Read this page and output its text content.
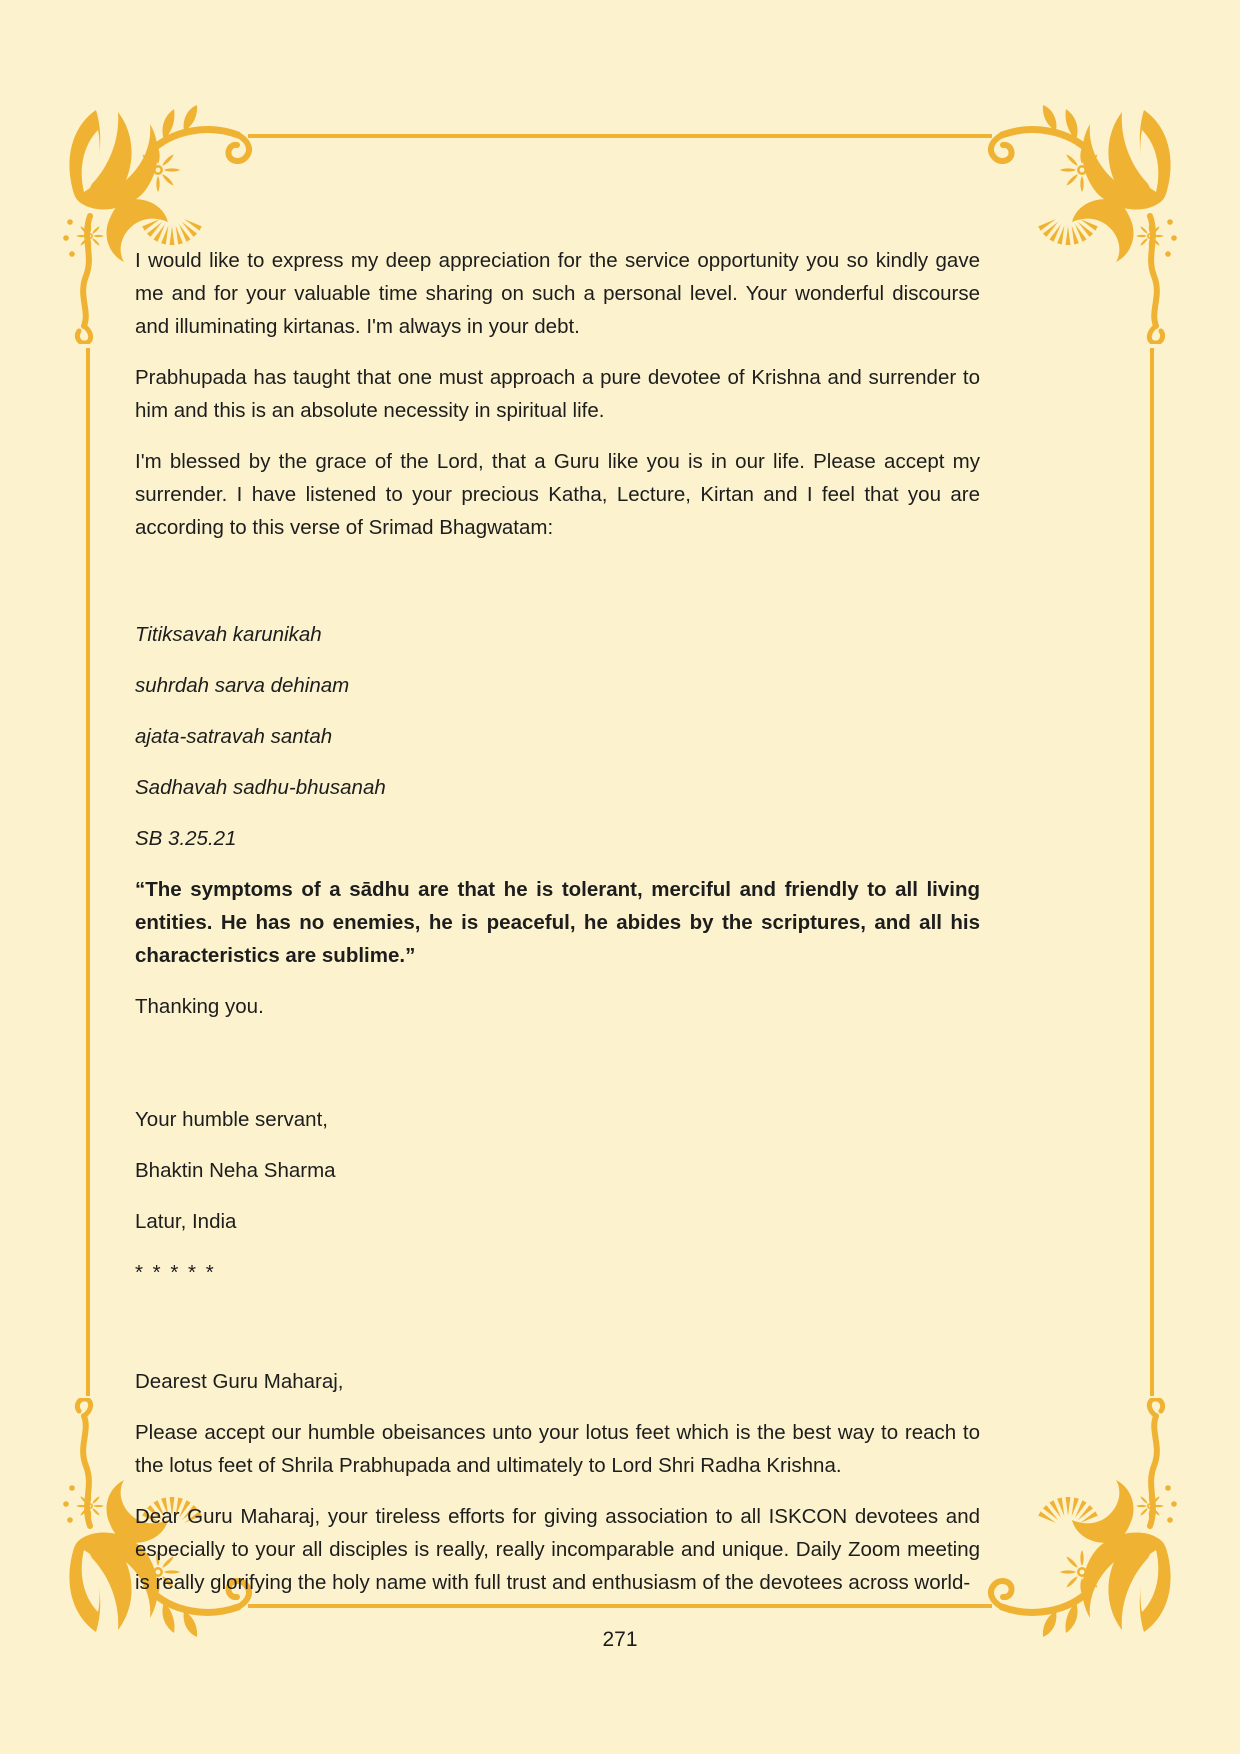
I would like to express my deep appreciation for the service opportunity you so kindly gave me and for your valuable time sharing on such a personal level. Your wonderful discourse and illuminating kirtanas. I'm always in your debt.

Prabhupada has taught that one must approach a pure devotee of Krishna and surrender to him and this is an absolute necessity in spiritual life.

I'm blessed by the grace of the Lord, that a Guru like you is in our life. Please accept my surrender. I have listened to your precious Katha, Lecture, Kirtan and I feel that you are according to this verse of Srimad Bhagwatam:

Titiksavah karunikah

suhrdah sarva dehinam

ajata-satravah santah

Sadhavah sadhu-bhusanah

SB 3.25.21

“The symptoms of a sādhu are that he is tolerant, merciful and friendly to all living entities. He has no enemies, he is peaceful, he abides by the scriptures, and all his characteristics are sublime.”

Thanking you.

Your humble servant,

Bhaktin Neha Sharma

Latur, India

* * * * *

Dearest Guru Maharaj,

Please accept our humble obeisances unto your lotus feet which is the best way to reach to the lotus feet of Shrila Prabhupada and ultimately to Lord Shri Radha Krishna.

Dear Guru Maharaj, your tireless efforts for giving association to all ISKCON devotees and especially to your all disciples is really, really incomparable and unique. Daily Zoom meeting is really glorifying the holy name with full trust and enthusiasm of the devotees across world-

271
